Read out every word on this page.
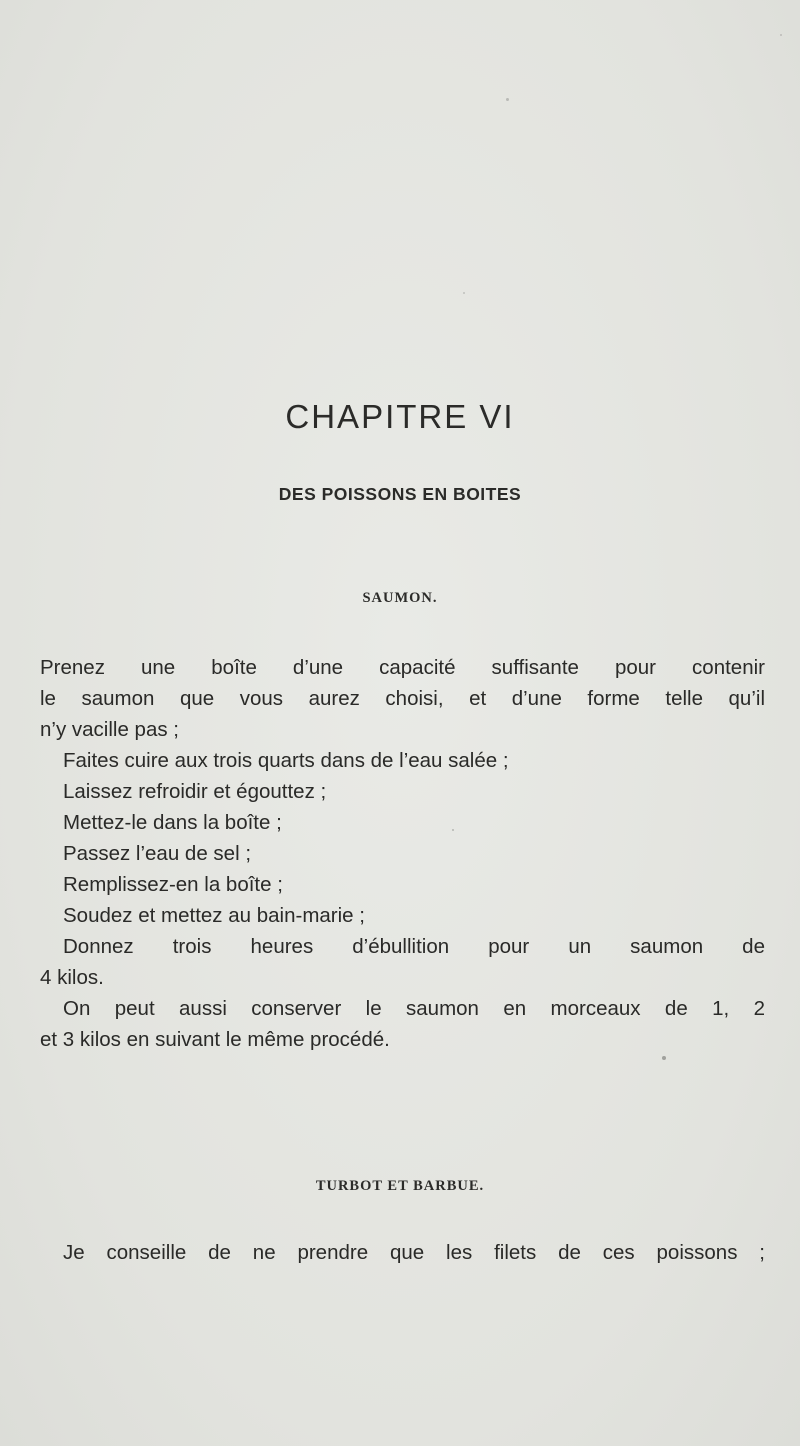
CHAPITRE VI
DES POISSONS EN BOITES
SAUMON.
Prenez une boîte d’une capacité suffisante pour contenir
le saumon que vous aurez choisi, et d’une forme telle qu’il
n’y vacille pas ;
Faites cuire aux trois quarts dans de l’eau salée ;
Laissez refroidir et égouttez ;
Mettez-le dans la boîte ;
Passez l’eau de sel ;
Remplissez-en la boîte ;
Soudez et mettez au bain-marie ;
Donnez trois heures d’ébullition pour un saumon de
4 kilos.
On peut aussi conserver le saumon en morceaux de 1, 2
et 3 kilos en suivant le même procédé.
TURBOT ET BARBUE.
Je conseille de ne prendre que les filets de ces poissons ;
